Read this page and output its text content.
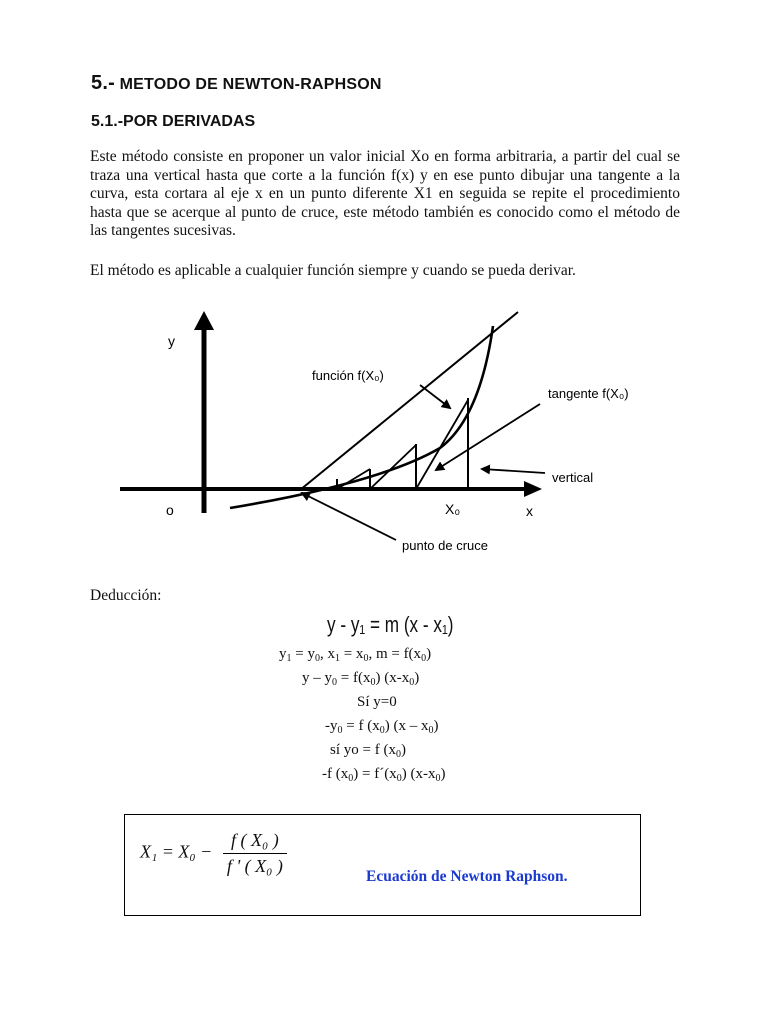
5.- METODO DE NEWTON-RAPHSON
5.1.-POR DERIVADAS
Este método consiste en proponer un valor inicial Xo en forma arbitraria, a partir del cual se traza una vertical hasta que corte a la función f(x) y en ese punto dibujar una tangente a la curva, esta cortara al eje x en un punto diferente X1 en seguida se repite el procedimiento hasta que se acerque al punto de cruce, este método también es conocido como el método de las tangentes sucesivas.
El método es aplicable a cualquier función siempre y cuando se pueda derivar.
y
x
o	X₀
función f(X₀)
tangente f(X₀)
vertical
punto de cruce
Deducción:
y - y₁ = m (x - x₁)
$y_1 = y_0$, $x_1 = x_0$, $m = f(x_0)$
$y - y_0 = f(x_0)$ $(x-x_0)$
Sí y=0
$-y_0 = f$ $(x_0)$ $(x - x_0)$
sí yo = f $(x_0)$
-f $(x_0)$ = $f´(x_0)$ $(x-x_0)$
$X_1 = X_0 - \frac{\text{f ( X₀ )}}{\text{f ' ( X₀ )}}$	Ecuación de Newton Raphson.
